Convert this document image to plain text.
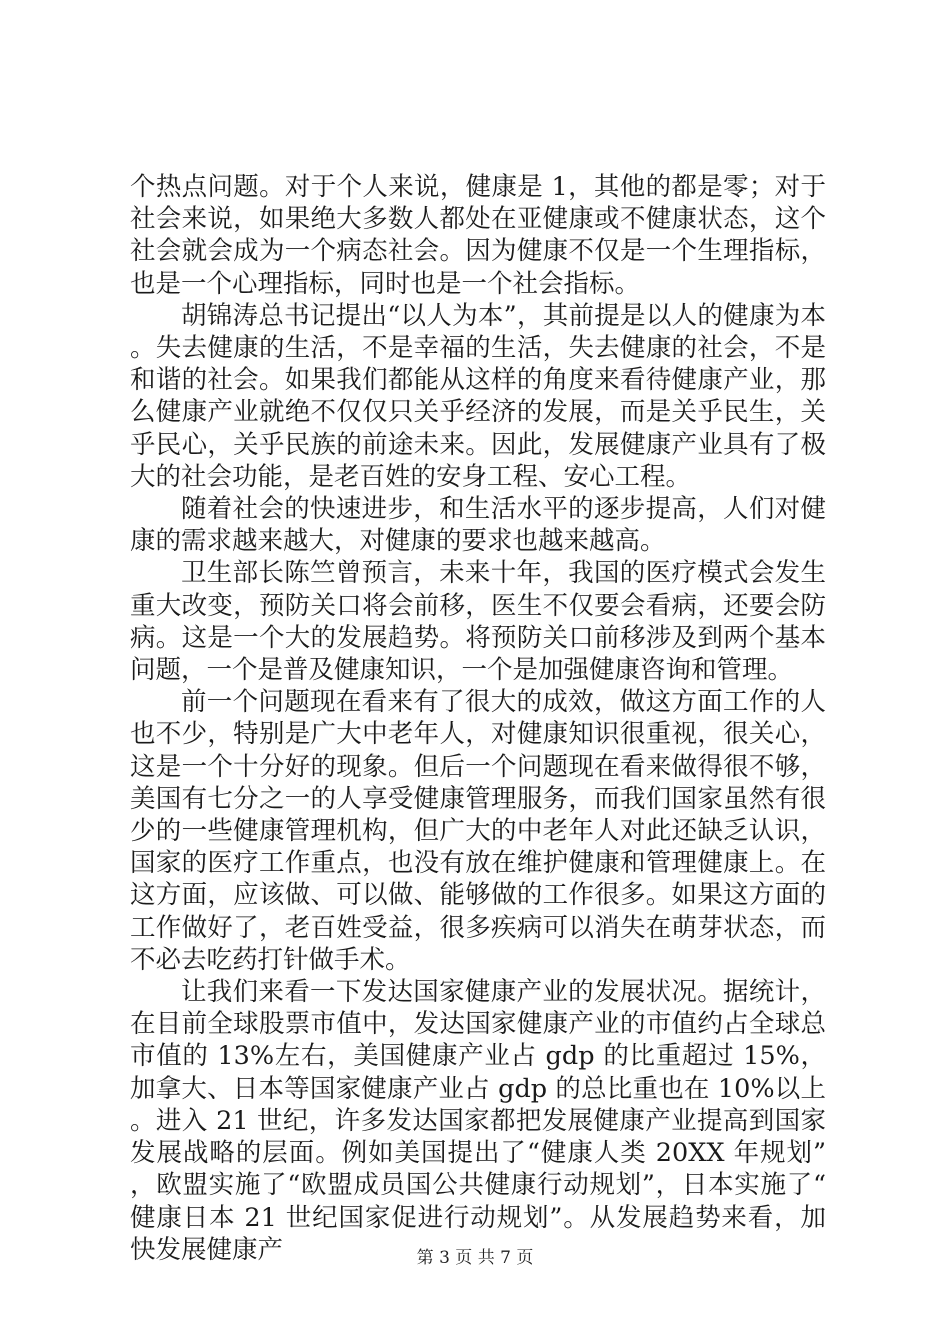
个热点问题。对于个人来说，健康是 1，其他的都是零；对于社会来说，如果绝大多数人都处在亚健康或不健康状态，这个社会就会成为一个病态社会。因为健康不仅是一个生理指标，也是一个心理指标，同时也是一个社会指标。

胡锦涛总书记提出“以人为本”，其前提是以人的健康为本。失去健康的生活，不是幸福的生活，失去健康的社会，不是和谐的社会。如果我们都能从这样的角度来看待健康产业，那么健康产业就绝不仅仅只关乎经济的发展，而是关乎民生，关乎民心，关乎民族的前途未来。因此，发展健康产业具有了极大的社会功能，是老百姓的安身工程、安心工程。

随着社会的快速进步，和生活水平的逐步提高，人们对健康的需求越来越大，对健康的要求也越来越高。

卫生部长陈竺曾预言，未来十年，我国的医疗模式会发生重大改变，预防关口将会前移，医生不仅要会看病，还要会防病。这是一个大的发展趋势。将预防关口前移涉及到两个基本问题，一个是普及健康知识，一个是加强健康咨询和管理。

前一个问题现在看来有了很大的成效，做这方面工作的人也不少，特别是广大中老年人，对健康知识很重视，很关心，这是一个十分好的现象。但后一个问题现在看来做得很不够，美国有七分之一的人享受健康管理服务，而我们国家虽然有很少的一些健康管理机构，但广大的中老年人对此还缺乏认识，国家的医疗工作重点，也没有放在维护健康和管理健康上。在这方面，应该做、可以做、能够做的工作很多。如果这方面的工作做好了，老百姓受益，很多疾病可以消失在萌芽状态，而不必去吃药打针做手术。

让我们来看一下发达国家健康产业的发展状况。据统计，在目前全球股票市值中，发达国家健康产业的市值约占全球总市值的 13%左右，美国健康产业占 gdp 的比重超过 15%，加拿大、日本等国家健康产业占 gdp 的总比重也在 10%以上。进入 21 世纪，许多发达国家都把发展健康产业提高到国家发展战略的层面。例如美国提出了“健康人类 20XX 年规划”，欧盟实施了“欧盟成员国公共健康行动规划”，日本实施了“健康日本 21 世纪国家促进行动规划”。从发展趋势来看，加快发展健康产	第 3 页 共 7 页
